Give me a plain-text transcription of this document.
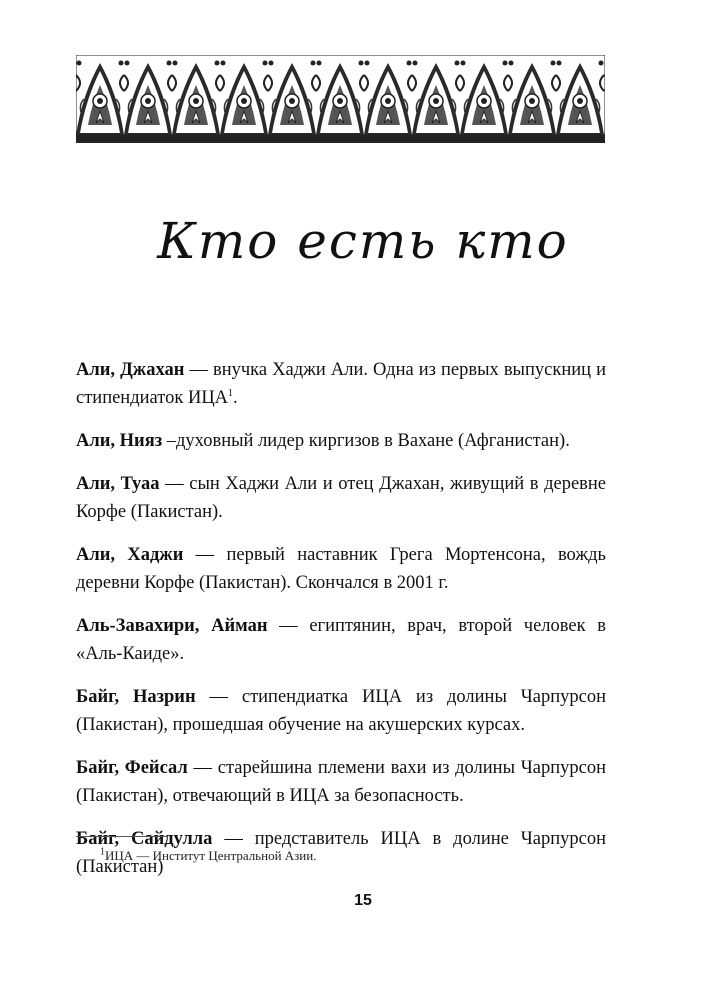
Кто есть кто

Али, Джахан — внучка Хаджи Али. Одна из первых выпускниц и стипендиаток ИЦА$^1$.

Али, Нияз –духовный лидер киргизов в Вахане (Афганистан).

Али, Туаа — сын Хаджи Али и отец Джахан, живущий в деревне Корфе (Пакистан).

Али, Хаджи — первый наставник Грега Мортенсона, вождь деревни Корфе (Пакистан). Скончался в 2001 г.

Аль-Завахири, Айман — египтянин, врач, второй человек в «Аль-Каиде».

Байг, Назрин — стипендиатка ИЦА из долины Чарпурсон (Пакистан), прошедшая обучение на акушерских курсах.

Байг, Фейсал — старейшина племени вахи из долины Чарпурсон (Пакистан), отвечающий в ИЦА за безопасность.

Байг, Сайдулла — представитель ИЦА в долине Чарпурсон (Пакистан)

$^1$ИЦА — Институт Центральной Азии.
15
